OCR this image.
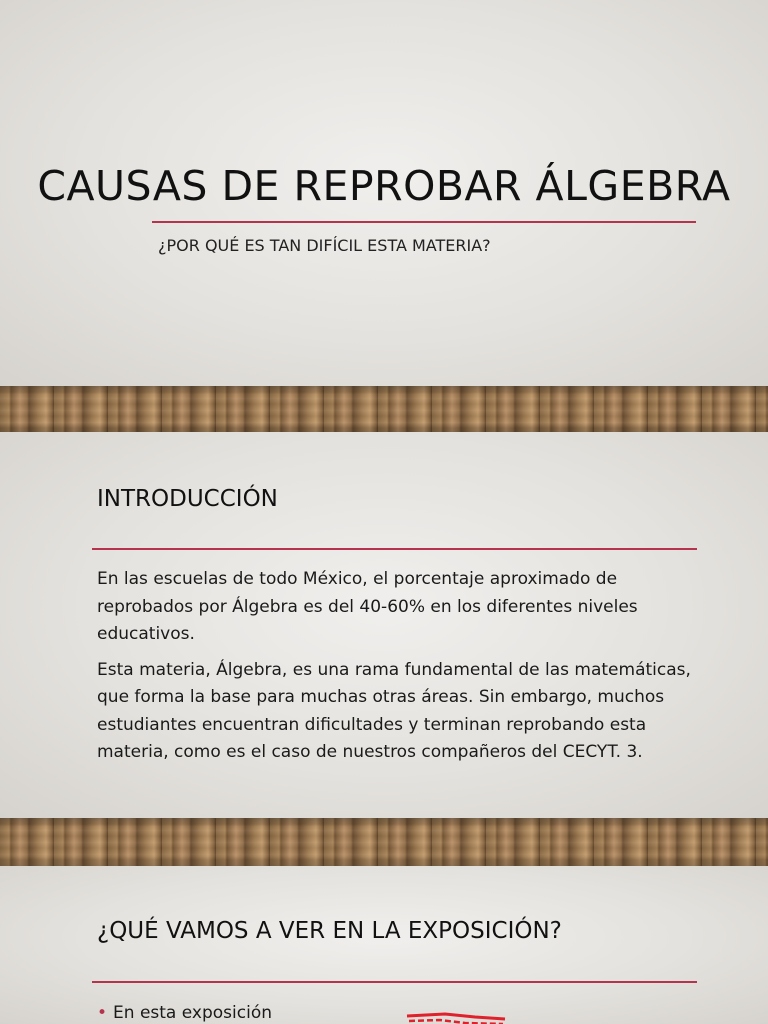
CAUSAS DE REPROBAR ÁLGEBRA
¿POR QUÉ ES TAN DIFÍCIL ESTA MATERIA?
INTRODUCCIÓN

En las escuelas de todo México, el porcentaje aproximado de reprobados por Álgebra es del 40-60% en los diferentes niveles educativos.

Esta materia, Álgebra, es una rama fundamental de las matemáticas, que forma la base para muchas otras áreas. Sin embargo, muchos estudiantes encuentran dificultades y terminan reprobando esta materia, como es el caso de nuestros compañeros del CECYT. 3.

¿QUÉ VAMOS A VER EN LA EXPOSICIÓN?
• En esta exposición
